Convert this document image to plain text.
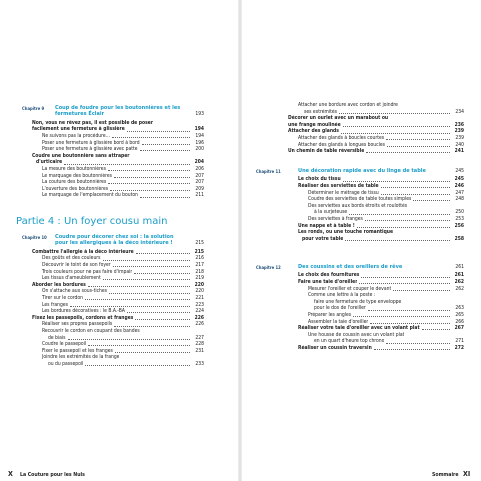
Chapitre 9 Coup de foudre pour les boutonnières et les fermetures Éclair	193
Non, vous ne rêvez pas, il est possible de poser
facilement une fermeture à glissière	194
Ne suivons pas la procédure...	194
Poser une fermeture à glissière bord à bord	196
Poser une fermeture à glissière avec patte	200
Coudre une boutonnière sans attraper
d'urticaire	204
La mesure des boutonnières	206
Le marquage des boutonnières	207
La couture des boutonnières	207
L'ouverture des boutonnières	209
Le marquage de l'emplacement du bouton	211
Partie 4 : Un foyer cousu main
Chapitre 10 Coudre pour décorer chez soi : la solution pour les allergiques à la déco intérieure !	215
Combattre l'allergie à la déco intérieure	215
Des goûts et des couleurs	216
Découvrir le toint de son foyer	217
Trois couleurs pour ne pas faire d'impair	218
Les tissus d'ameublement	219
Aborder les bordures	220
On s'attache aux sous-tiches	220
Tirer sur le cordon	221
Les franges	223
Les bordures décoratives : le B.A.-BA	224
Fixez les passepoils, cordons et franges	226
Réaliser ses propres passepoils	226
Recouvrir le cordon en coupant des bandes
de biais	227
Coudre le passepoil	228
Fixer le passepoil et les franges	231
Joindre les extrémités de la frange
ou du passepoil	233
X La Couture pour les Nuls
Attacher une bordure avec cordon et joindre
ses extrémités	234
Décorer un ourlet avec un marabout ou
une frange moulinée	236
Attacher des glands	239
Attacher des glands à boucles courtes	239
Attacher des glands à longues boucles	240
Un chemin de table réversible	241
Chapitre 11	Une décoration rapide avec du linge de table	245
Le choix du tissu	245
Réaliser des serviettes de table	246
Déterminer le métrage de tissu	247
Coudre des serviettes de table toutes simples	248
Des serviettes aux bords étroits et roulottés
à la surjeteuse	250
Des serviettes à franges	253
Une nappe et à table !	256
Les ronds, ou une touche romantique
pour votre table	258
Chapitre 12	Des coussins et des oreillers de rêve	261
Le choix des fournitures	261
Faire une taie d'oreiller	262
Mesurer l'oreiller et couper le devant	262
Comme une lettre à la poste :
faire une fermeture de type enveloppe
pour le dos de l'oreiller	263
Préparer les angles	265
Assembler la taie d'oreiller	266
Réaliser votre taie d'oreiller avec un volant plat	267
Une housse de coussin avec un volant plat
en un quart d'heure top chrono	271
Réaliser un coussin traversin	272
Sommaire XI
